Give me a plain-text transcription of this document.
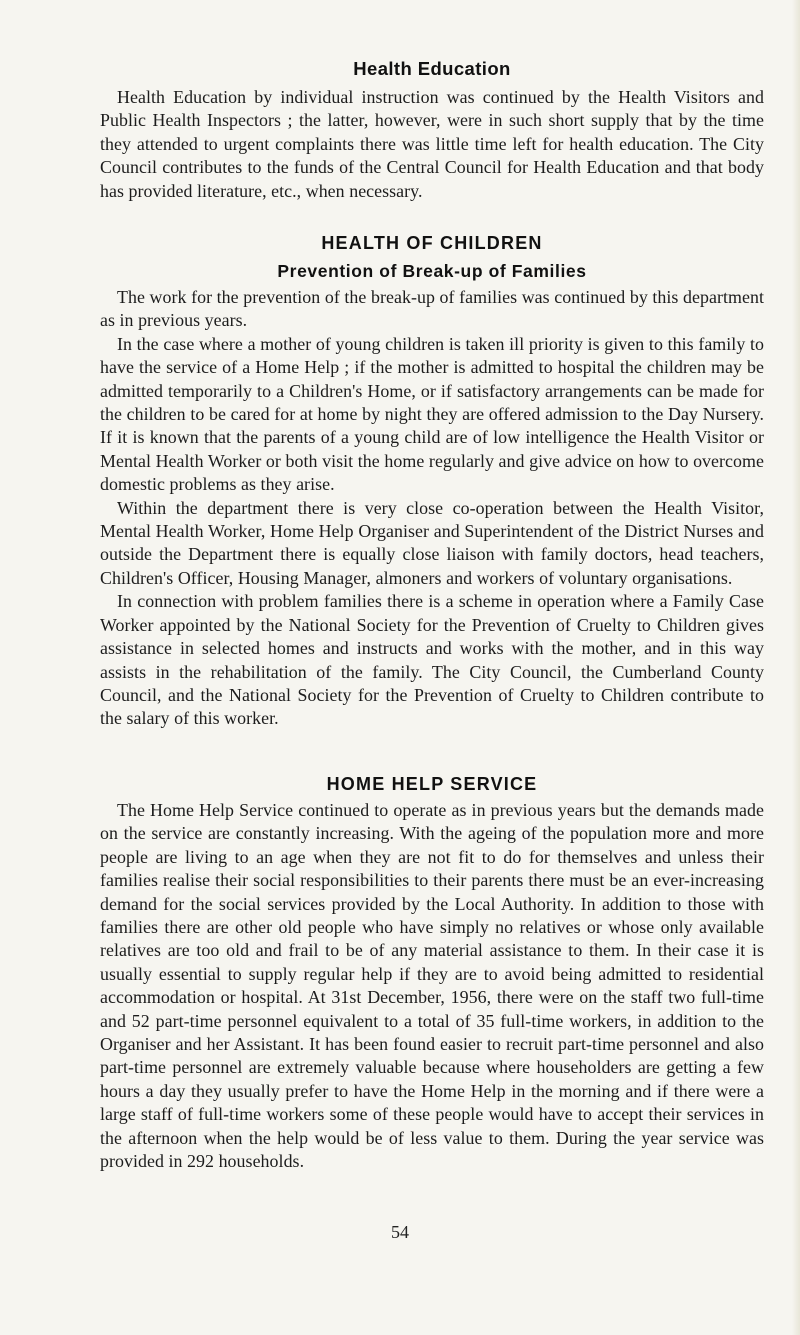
Health Education

Health Education by individual instruction was continued by the Health Visitors and Public Health Inspectors ; the latter, however, were in such short supply that by the time they attended to urgent complaints there was little time left for health education. The City Council contributes to the funds of the Central Council for Health Education and that body has provided literature, etc., when necessary.

HEALTH OF CHILDREN
Prevention of Break-up of Families

The work for the prevention of the break-up of families was continued by this department as in previous years.

In the case where a mother of young children is taken ill priority is given to this family to have the service of a Home Help ; if the mother is admitted to hospital the children may be admitted temporarily to a Children's Home, or if satisfactory arrangements can be made for the children to be cared for at home by night they are offered admission to the Day Nursery. If it is known that the parents of a young child are of low intelligence the Health Visitor or Mental Health Worker or both visit the home regularly and give advice on how to overcome domestic problems as they arise.

Within the department there is very close co-operation between the Health Visitor, Mental Health Worker, Home Help Organiser and Superintendent of the District Nurses and outside the Department there is equally close liaison with family doctors, head teachers, Children's Officer, Housing Manager, almoners and workers of voluntary organisations.

In connection with problem families there is a scheme in operation where a Family Case Worker appointed by the National Society for the Prevention of Cruelty to Children gives assistance in selected homes and instructs and works with the mother, and in this way assists in the rehabilitation of the family. The City Council, the Cumberland County Council, and the National Society for the Prevention of Cruelty to Children contribute to the salary of this worker.

HOME HELP SERVICE

The Home Help Service continued to operate as in previous years but the demands made on the service are constantly increasing. With the ageing of the population more and more people are living to an age when they are not fit to do for themselves and unless their families realise their social responsibilities to their parents there must be an ever-increasing demand for the social services provided by the Local Authority. In addition to those with families there are other old people who have simply no relatives or whose only available relatives are too old and frail to be of any material assistance to them. In their case it is usually essential to supply regular help if they are to avoid being admitted to residential accommodation or hospital. At 31st December, 1956, there were on the staff two full-time and 52 part-time personnel equivalent to a total of 35 full-time workers, in addition to the Organiser and her Assistant. It has been found easier to recruit part-time personnel and also part-time personnel are extremely valuable because where householders are getting a few hours a day they usually prefer to have the Home Help in the morning and if there were a large staff of full-time workers some of these people would have to accept their services in the afternoon when the help would be of less value to them. During the year service was provided in 292 households.

54
